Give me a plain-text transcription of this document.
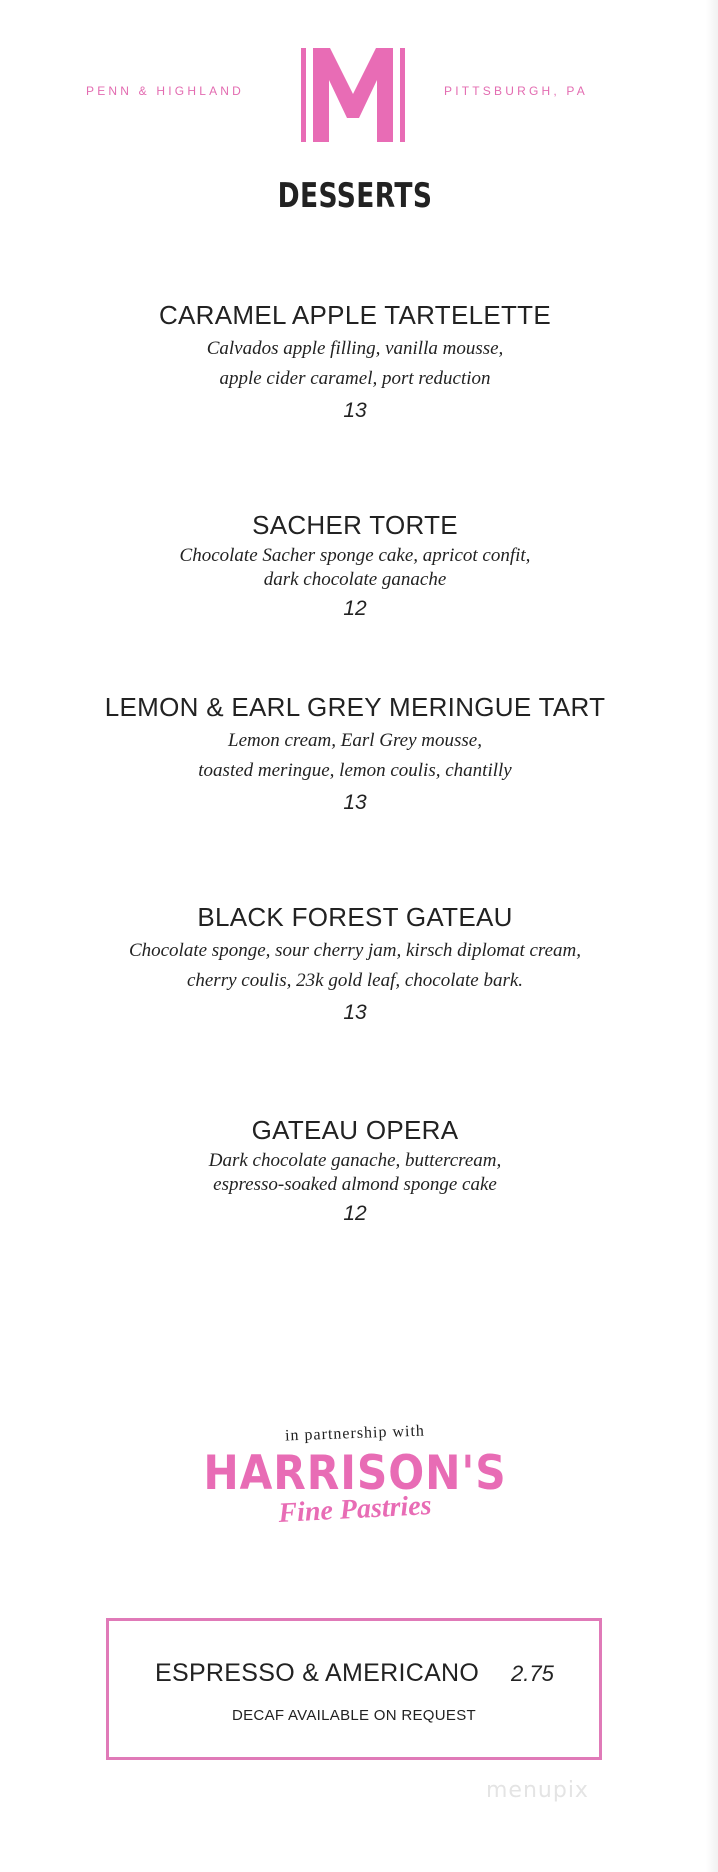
PENN & HIGHLAND	PITTSBURGH, PA
DESSERTS
CARAMEL APPLE TARTELETTE
Calvados apple filling, vanilla mousse,
apple cider caramel, port reduction
13
SACHER TORTE
Chocolate Sacher sponge cake, apricot confit,
dark chocolate ganache
12
LEMON & EARL GREY MERINGUE TART
Lemon cream, Earl Grey mousse,
toasted meringue, lemon coulis, chantilly
13
BLACK FOREST GATEAU
Chocolate sponge, sour cherry jam, kirsch diplomat cream,
cherry coulis, 23k gold leaf, chocolate bark.
13
GATEAU OPERA
Dark chocolate ganache, buttercream,
espresso-soaked almond sponge cake
12
in partnership with
HARRISON'S
Fine Pastries
ESPRESSO & AMERICANO 2.75
DECAF AVAILABLE ON REQUEST
menupix
